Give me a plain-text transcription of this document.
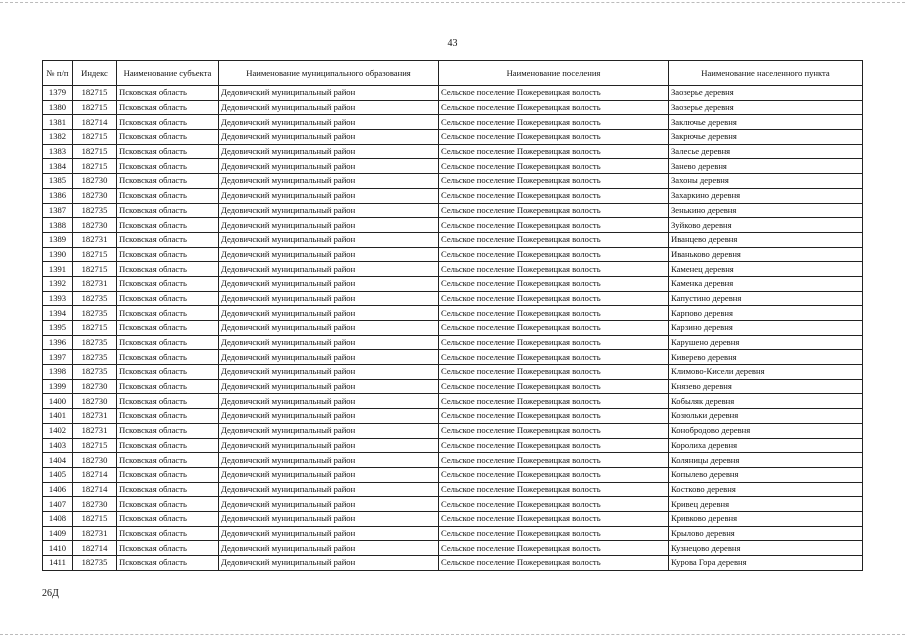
43
№ п/п	Индекс	Наименование субъекта	Наименование муниципального образования	Наименование поселения	Наименование населенного пункта
1379	182715	Псковская область	Дедовичский муниципальный район	Сельское поселение Пожеревицкая волость	Заозерье деревня
1380	182715	Псковская область	Дедовичский муниципальный район	Сельское поселение Пожеревицкая волость	Заозерье деревня
1381	182714	Псковская область	Дедовичский муниципальный район	Сельское поселение Пожеревицкая волость	Заключье деревня
1382	182715	Псковская область	Дедовичский муниципальный район	Сельское поселение Пожеревицкая волость	Закрючье деревня
1383	182715	Псковская область	Дедовичский муниципальный район	Сельское поселение Пожеревицкая волость	Залесье деревня
1384	182715	Псковская область	Дедовичский муниципальный район	Сельское поселение Пожеревицкая волость	Занево деревня
1385	182730	Псковская область	Дедовичский муниципальный район	Сельское поселение Пожеревицкая волость	Захоны деревня
1386	182730	Псковская область	Дедовичский муниципальный район	Сельское поселение Пожеревицкая волость	Захаркино деревня
1387	182735	Псковская область	Дедовичский муниципальный район	Сельское поселение Пожеревицкая волость	Зенькино деревня
1388	182730	Псковская область	Дедовичский муниципальный район	Сельское поселение Пожеревицкая волость	Зуйково деревня
1389	182731	Псковская область	Дедовичский муниципальный район	Сельское поселение Пожеревицкая волость	Иванцево деревня
1390	182715	Псковская область	Дедовичский муниципальный район	Сельское поселение Пожеревицкая волость	Иваньково деревня
1391	182715	Псковская область	Дедовичский муниципальный район	Сельское поселение Пожеревицкая волость	Каменец деревня
1392	182731	Псковская область	Дедовичский муниципальный район	Сельское поселение Пожеревицкая волость	Каменка деревня
1393	182735	Псковская область	Дедовичский муниципальный район	Сельское поселение Пожеревицкая волость	Капустино деревня
1394	182735	Псковская область	Дедовичский муниципальный район	Сельское поселение Пожеревицкая волость	Карпово деревня
1395	182715	Псковская область	Дедовичский муниципальный район	Сельское поселение Пожеревицкая волость	Карзино деревня
1396	182735	Псковская область	Дедовичский муниципальный район	Сельское поселение Пожеревицкая волость	Карушено деревня
1397	182735	Псковская область	Дедовичский муниципальный район	Сельское поселение Пожеревицкая волость	Киверево деревня
1398	182735	Псковская область	Дедовичский муниципальный район	Сельское поселение Пожеревицкая волость	Климово-Кисели деревня
1399	182730	Псковская область	Дедовичский муниципальный район	Сельское поселение Пожеревицкая волость	Князево деревня
1400	182730	Псковская область	Дедовичский муниципальный район	Сельское поселение Пожеревицкая волость	Кобыляк деревня
1401	182731	Псковская область	Дедовичский муниципальный район	Сельское поселение Пожеревицкая волость	Козюльки деревня
1402	182731	Псковская область	Дедовичский муниципальный район	Сельское поселение Пожеревицкая волость	Конобродово деревня
1403	182715	Псковская область	Дедовичский муниципальный район	Сельское поселение Пожеревицкая волость	Королиха деревня
1404	182730	Псковская область	Дедовичский муниципальный район	Сельское поселение Пожеревицкая волость	Коляницы деревня
1405	182714	Псковская область	Дедовичский муниципальный район	Сельское поселение Пожеревицкая волость	Копылево деревня
1406	182714	Псковская область	Дедовичский муниципальный район	Сельское поселение Пожеревицкая волость	Костково деревня
1407	182730	Псковская область	Дедовичский муниципальный район	Сельское поселение Пожеревицкая волость	Кривец деревня
1408	182715	Псковская область	Дедовичский муниципальный район	Сельское поселение Пожеревицкая волость	Кривково деревня
1409	182731	Псковская область	Дедовичский муниципальный район	Сельское поселение Пожеревицкая волость	Крылово деревня
1410	182714	Псковская область	Дедовичский муниципальный район	Сельское поселение Пожеревицкая волость	Кузнецово деревня
1411	182735	Псковская область	Дедовичский муниципальный район	Сельское поселение Пожеревицкая волость	Курова Гора деревня
26Д
